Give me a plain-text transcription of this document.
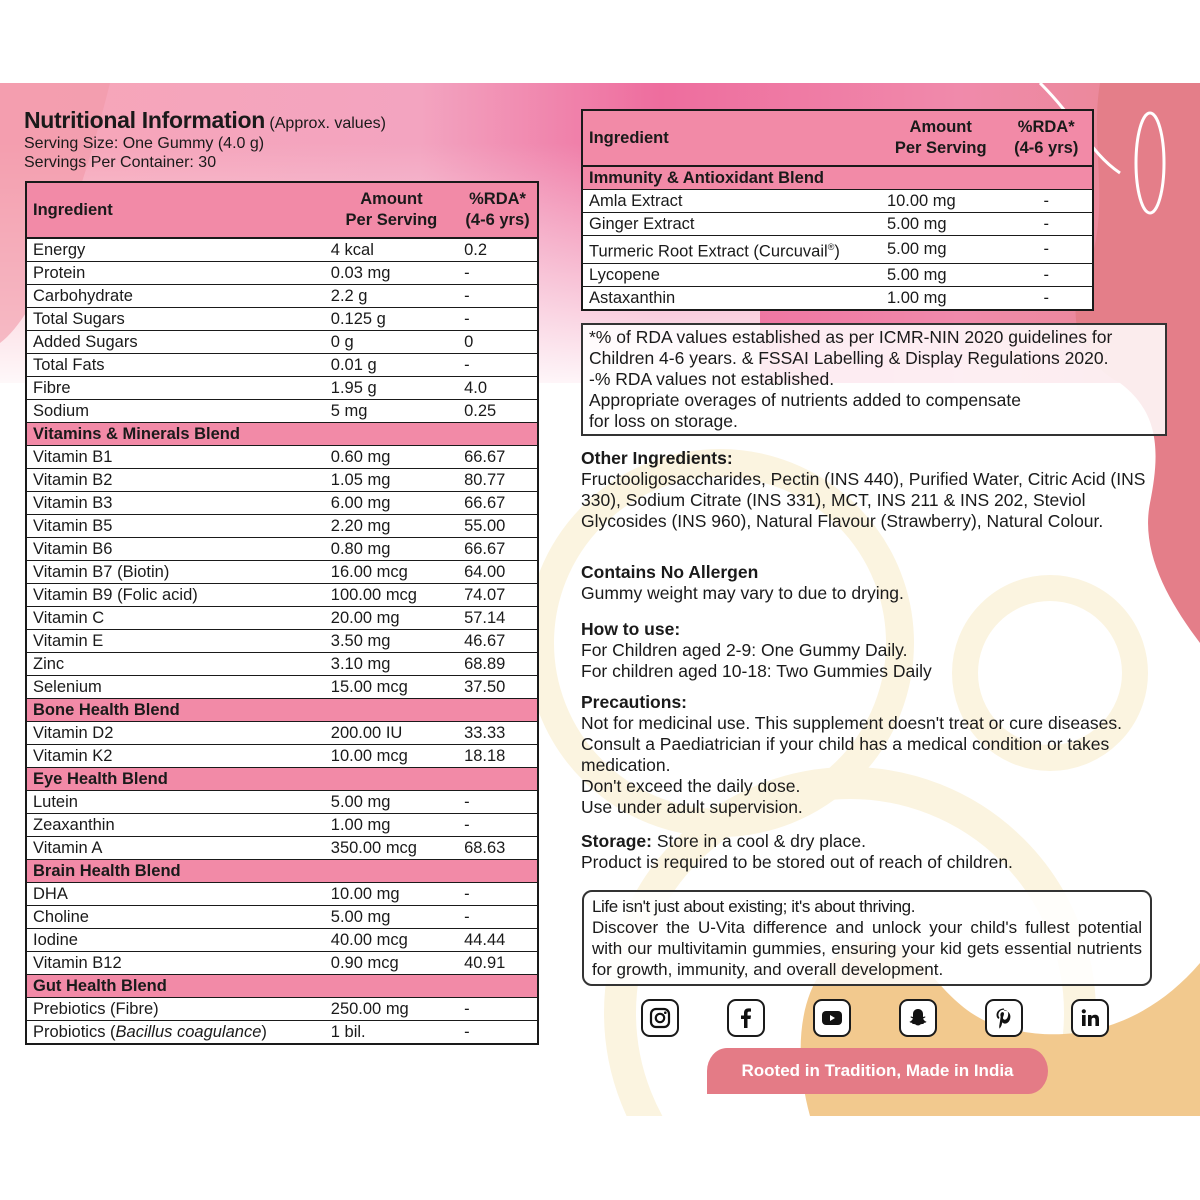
Nutritional Information (Approx. values)
Serving Size: One Gummy (4.0 g)
Servings Per Container: 30
Ingredient	Amount
Per Serving	%RDA*
(4-6 yrs)
Energy	4 kcal	0.2
Protein	0.03 mg	-
Carbohydrate	2.2 g	-
Total Sugars	0.125 g	-
Added Sugars	0 g	0
Total Fats	0.01 g	-
Fibre	1.95 g	4.0
Sodium	5 mg	0.25
Vitamins & Minerals Blend		
Vitamin B1	0.60 mg	66.67
Vitamin B2	1.05 mg	80.77
Vitamin B3	6.00 mg	66.67
Vitamin B5	2.20 mg	55.00
Vitamin B6	0.80 mg	66.67
Vitamin B7 (Biotin)	16.00 mcg	64.00
Vitamin B9 (Folic acid)	100.00 mcg	74.07
Vitamin C	20.00 mg	57.14
Vitamin E	3.50 mg	46.67
Zinc	3.10 mg	68.89
Selenium	15.00 mcg	37.50
Bone Health Blend		
Vitamin D2	200.00 IU	33.33
Vitamin K2	10.00 mcg	18.18
Eye Health Blend		
Lutein	5.00 mg	-
Zeaxanthin	1.00 mg	-
Vitamin A	350.00 mcg	68.63
Brain Health Blend		
DHA	10.00 mg	-
Choline	5.00 mg	-
Iodine	40.00 mcg	44.44
Vitamin B12	0.90 mcg	40.91
Gut Health Blend		
Prebiotics (Fibre)	250.00 mg	-
Probiotics (Bacillus coagulance)	1 bil.	-
Ingredient	Amount
Per Serving	%RDA*
(4-6 yrs)
Immunity & Antioxidant Blend		
Amla Extract	10.00 mg	-
Ginger Extract	5.00 mg	-
Turmeric Root Extract (Curcuvail®)	5.00 mg	-
Lycopene	5.00 mg	-
Astaxanthin	1.00 mg	-
*% of RDA values established as per ICMR-NIN 2020 guidelines for
Children 4-6 years. & FSSAI Labelling & Display Regulations 2020.
-% RDA values not established.
Appropriate overages of nutrients added to compensate
for loss on storage.
Other Ingredients:
Fructooligosaccharides, Pectin (INS 440), Purified Water, Citric Acid (INS 330), Sodium Citrate (INS 331), MCT, INS 211 & INS 202, Steviol Glycosides (INS 960), Natural Flavour (Strawberry), Natural Colour.
Contains No Allergen
Gummy weight may vary to due to drying.
How to use:
For Children aged 2-9: One Gummy Daily.
For children aged 10-18: Two Gummies Daily
Precautions:
Not for medicinal use. This supplement doesn't treat or cure diseases.
Consult a Paediatrician if your child has a medical condition or takes medication.
Don't exceed the daily dose.
Use under adult supervision.
Storage: Store in a cool & dry place.
Product is required to be stored out of reach of children.
Life isn't just about existing; it's about thriving.
Discover the U-Vita difference and unlock your child's fullest potential with our multivitamin gummies, ensuring your kid gets essential nutrients for growth, immunity, and overall development.
Rooted in Tradition, Made in India
